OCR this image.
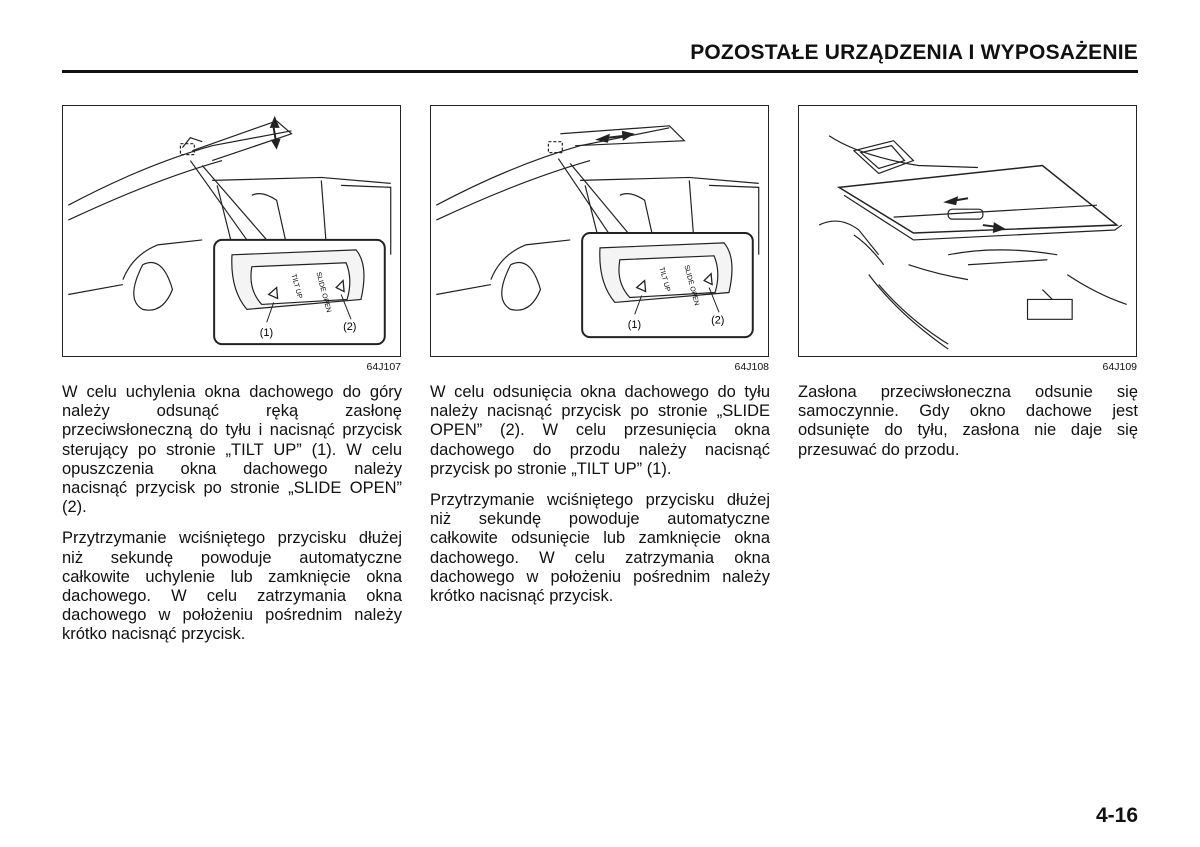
POZOSTAŁE URZĄDZENIA I WYPOSAŻENIE
TILT UP SLIDE OPEN
(1)	(2)
64J107
TILT UP SLIDE OPEN
(1)	(2)
64J108	64J109

W celu uchylenia okna dachowego do góry należy odsunąć ręką zasłonę przeciwsłoneczną do tyłu i nacisnąć przycisk sterujący po stronie „TILT UP” (1). W celu opuszczenia okna dachowego należy nacisnąć przycisk po stronie „SLIDE OPEN” (2).

Przytrzymanie wciśniętego przycisku dłużej niż sekundę powoduje automatyczne całkowite uchylenie lub zamknięcie okna dachowego. W celu zatrzymania okna dachowego w położeniu pośrednim należy krótko nacisnąć przycisk.

W celu odsunięcia okna dachowego do tyłu należy nacisnąć przycisk po stronie „SLIDE OPEN” (2). W celu przesunięcia okna dachowego do przodu należy nacisnąć przycisk po stronie „TILT UP” (1).

Przytrzymanie wciśniętego przycisku dłużej niż sekundę powoduje automatyczne całkowite odsunięcie lub zamknięcie okna dachowego. W celu zatrzymania okna dachowego w położeniu pośrednim należy krótko nacisnąć przycisk.

Zasłona przeciwsłoneczna odsunie się samoczynnie. Gdy okno dachowe jest odsunięte do tyłu, zasłona nie daje się przesuwać do przodu.

4-16
